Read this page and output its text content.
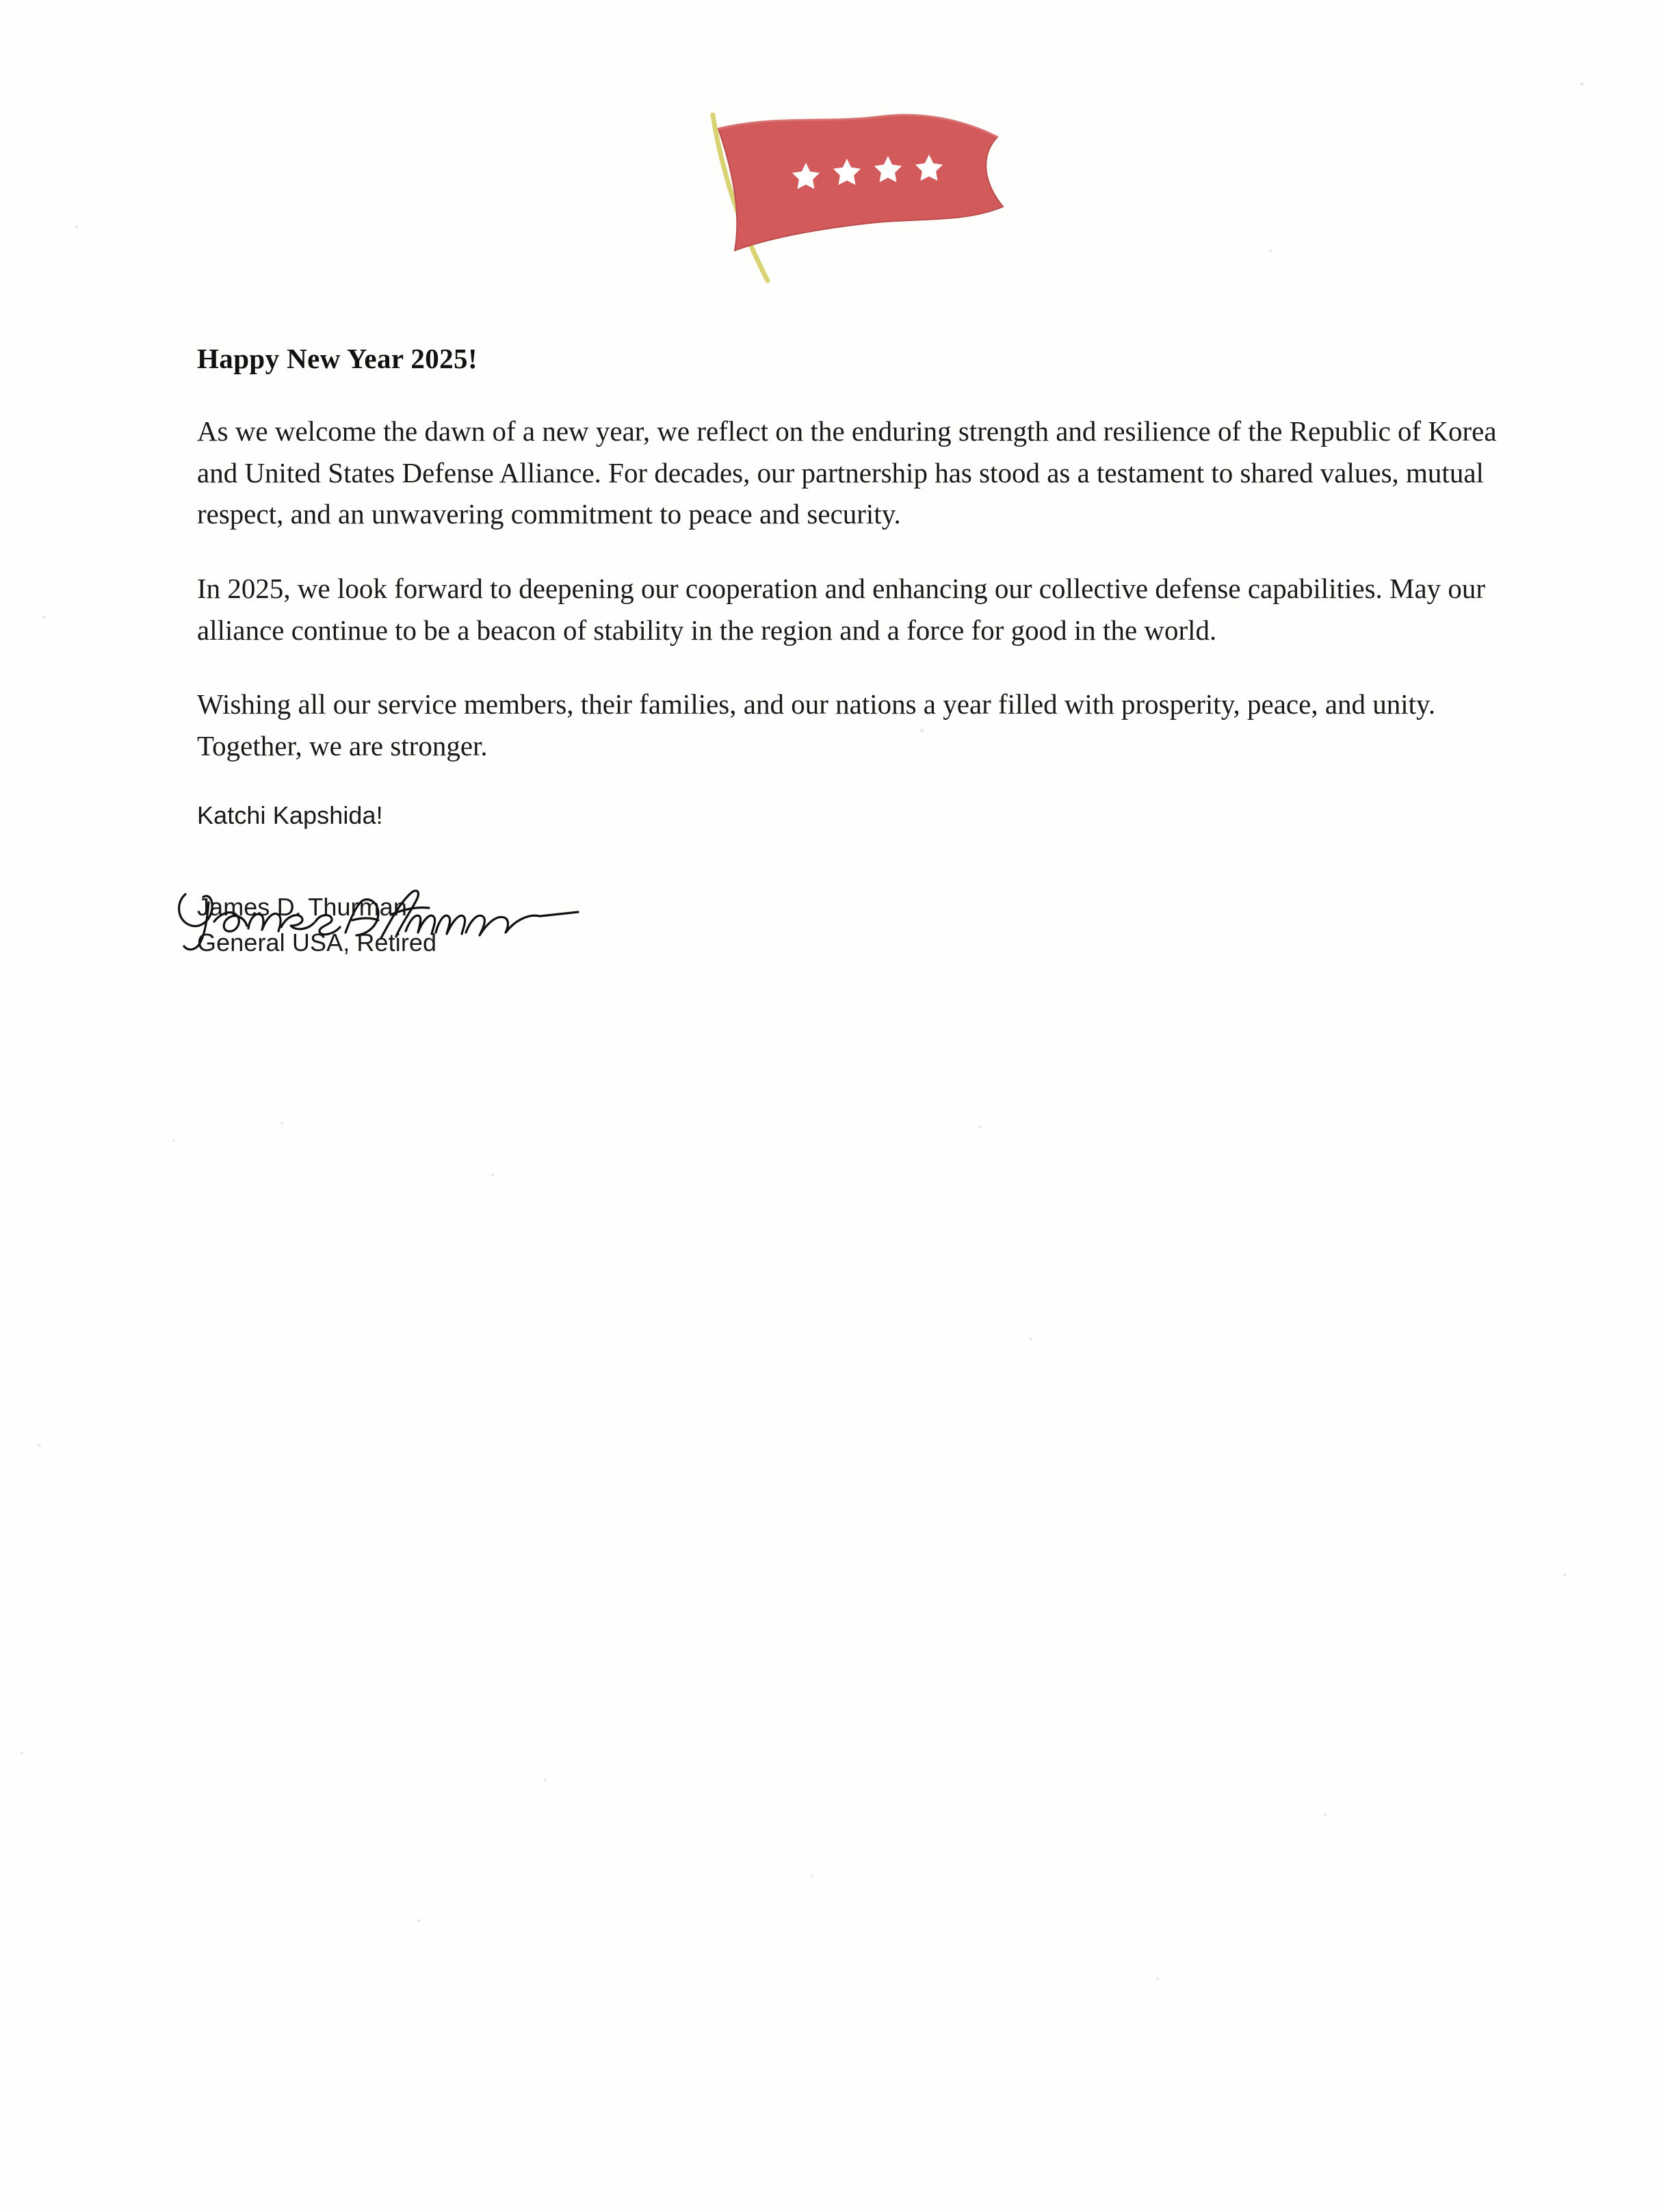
Happy New Year 2025!

As we welcome the dawn of a new year, we reflect on the enduring strength and resilience of the Republic of Korea and United States Defense Alliance. For decades, our partnership has stood as a testament to shared values, mutual respect, and an unwavering commitment to peace and security.

In 2025, we look forward to deepening our cooperation and enhancing our collective defense capabilities. May our alliance continue to be a beacon of stability in the region and a force for good in the world.

Wishing all our service members, their families, and our nations a year filled with prosperity, peace, and unity. Together, we are stronger.

Katchi Kapshida!

James D. Thurman

General USA, Retired
